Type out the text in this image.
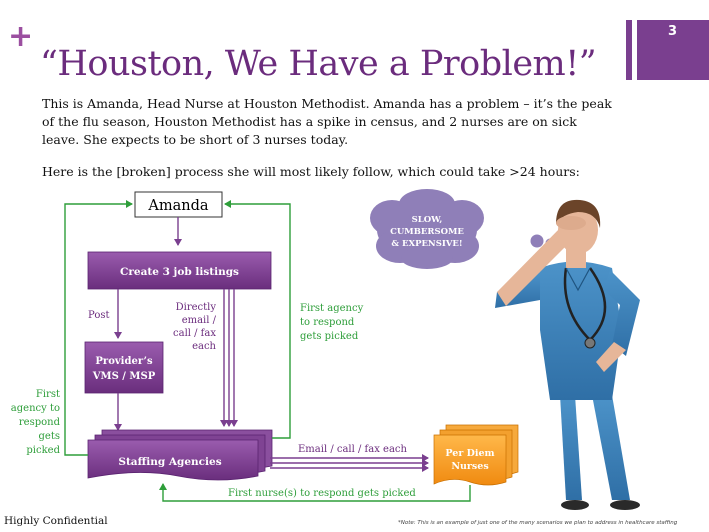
+
“Houston, We Have a Problem!”
3
This is Amanda, Head Nurse at Houston Methodist. Amanda has a problem – it’s the peak of the flu season, Houston Methodist has a spike in census, and 2 nurses are on sick leave. She expects to be short of 3 nurses today.
Here is the [broken] process she will most likely follow, which could take >24 hours:
Amanda
Create 3 job listings
Post
Directly
email /
call / fax
each
Provider’s
VMS / MSP
Staffing Agencies
First
agency to
respond
gets
picked
First agency
to respond
gets picked
Email / call / fax each	Per Diem
Nurses
First nurse(s) to respond gets picked
SLOW,
CUMBERSOME
& EXPENSIVE!
Highly Confidential	*Note: This is an example of just one of the many scenarios we plan to address in healthcare staffing
